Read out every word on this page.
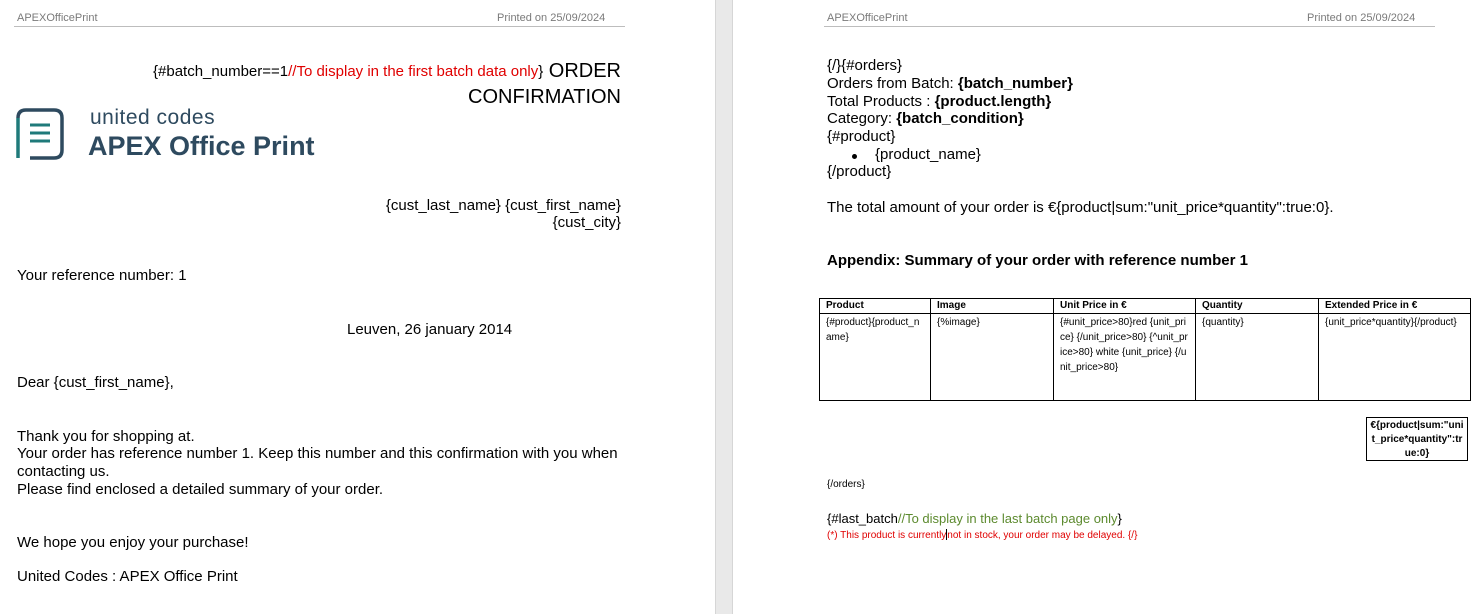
APEXOfficePrint	Printed on 25/09/2024
{#batch_number==1//To display in the first batch data only} ORDER
CONFIRMATION
united codes
APEX Office Print
{cust_last_name} {cust_first_name}
{cust_city}
Your reference number: 1
Leuven, 26 january 2014
Dear {cust_first_name},
Thank you for shopping at.
Your order has reference number 1. Keep this number and this confirmation with you when
contacting us.
Please find enclosed a detailed summary of your order.
We hope you enjoy your purchase!
United Codes : APEX Office Print
APEXOfficePrint	Printed on 25/09/2024
{/}{#orders}
Orders from Batch: {batch_number}
Total Products : {product.length}
Category: {batch_condition}
{#product}
{product_name}
{/product}
The total amount of your order is €{product|sum:"unit_price*quantity":true:0}.
Appendix: Summary of your order with reference number 1
Product	Image	Unit Price in €	Quantity	Extended Price in €
{#product}{product_name}	{%image}	{#unit_price>80}red {unit_price} {/unit_price>80} {^unit_price>80} white {unit_price} {/unit_price>80}	{quantity}	{unit_price*quantity}{/product}
€{product|sum:"unit_price*quantity":true:0}
{/orders}
{#last_batch//To display in the last batch page only}
(*) This product is currentlynot in stock, your order may be delayed. {/}
